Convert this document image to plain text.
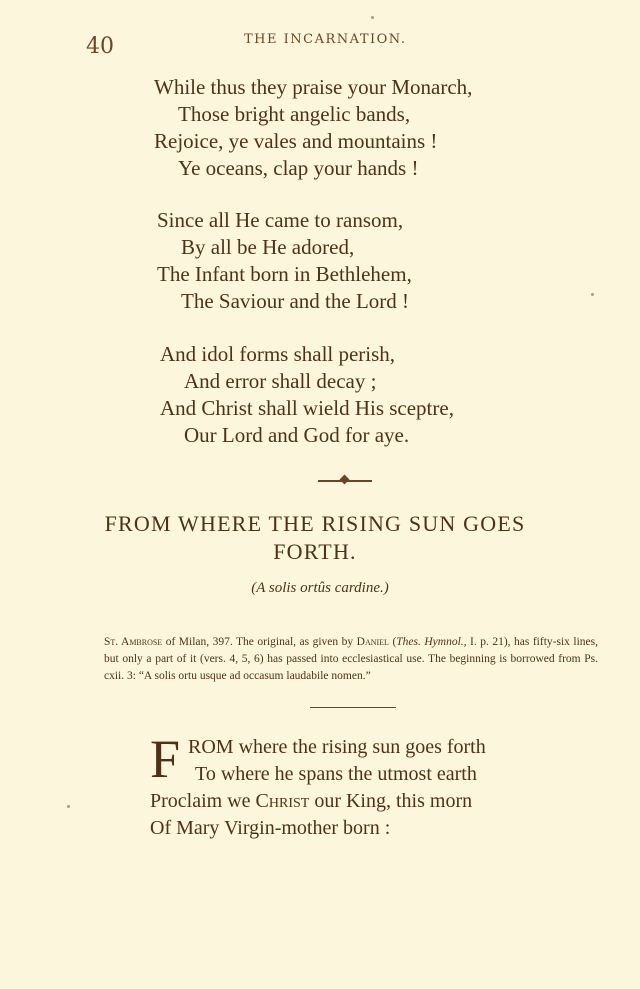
40	THE INCARNATION.
While thus they praise your Monarch,
Those bright angelic bands,
Rejoice, ye vales and mountains !
Ye oceans, clap your hands !
Since all He came to ransom,
By all be He adored,
The Infant born in Bethlehem,
The Saviour and the Lord !
And idol forms shall perish,
And error shall decay ;
And Christ shall wield His sceptre,
Our Lord and God for aye.
FROM WHERE THE RISING SUN GOES
FORTH.
(A solis ortûs cardine.)
St. Ambrose of Milan, 397. The original, as given by Daniel (Thes. Hymnol., I. p. 21), has fifty-six lines, but only a part of it (vers. 4, 5, 6) has passed into ecclesiastical use. The beginning is borrowed from Ps. cxii. 3: “A solis ortu usque ad occasum laudabile nomen.”
F ROM where the rising sun goes forth
To where he spans the utmost earth
Proclaim we Christ our King, this morn
Of Mary Virgin-mother born :
